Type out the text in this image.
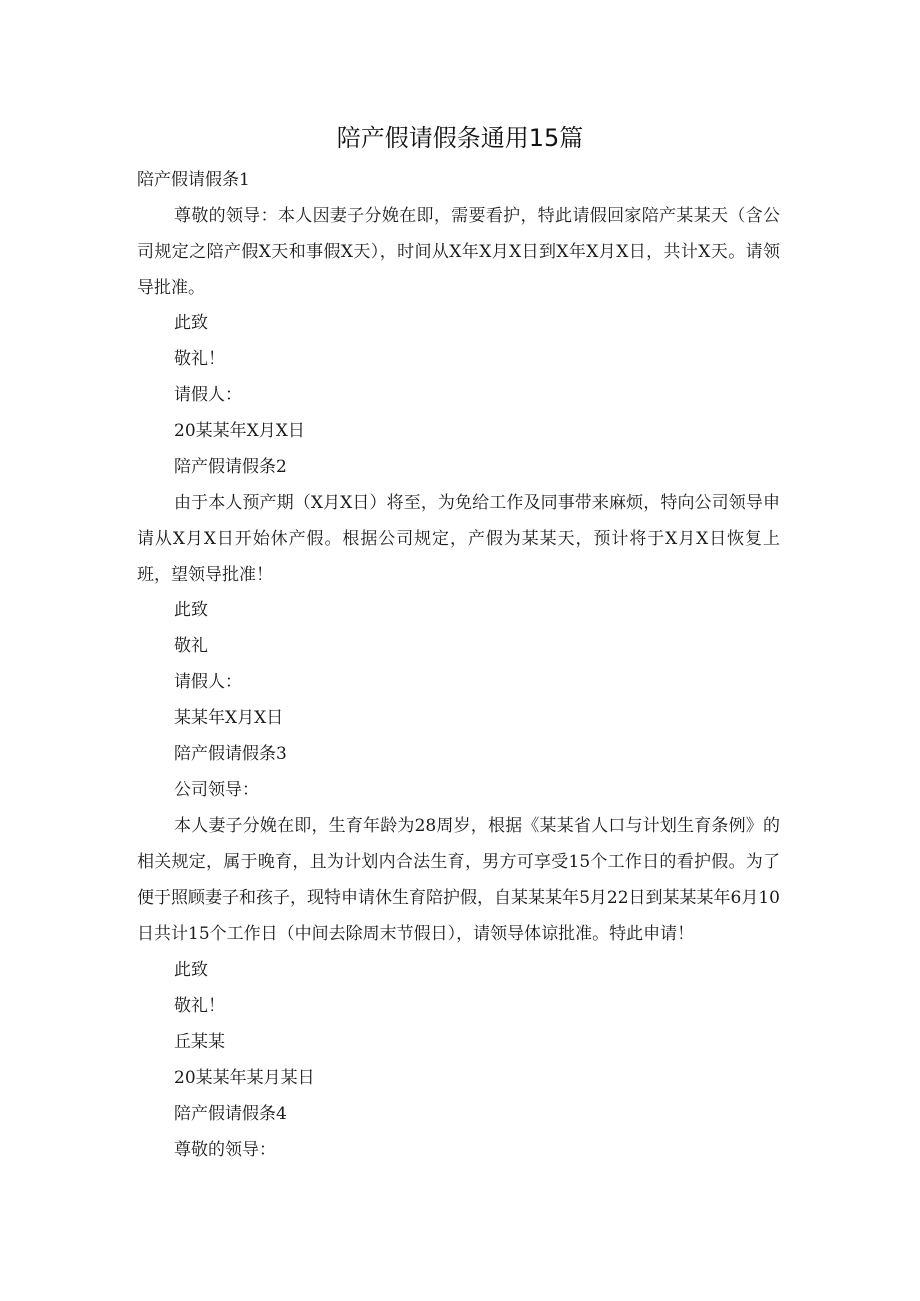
陪产假请假条通用15篇
陪产假请假条1
尊敬的领导：本人因妻子分娩在即，需要看护，特此请假回家陪产某某天（含公司规定之陪产假X天和事假X天），时间从X年X月X日到X年X月X日，共计X天。请领导批准。
此致
敬礼！
请假人：
20某某年X月X日
陪产假请假条2
由于本人预产期（X月X日）将至，为免给工作及同事带来麻烦，特向公司领导申请从X月X日开始休产假。根据公司规定，产假为某某天，预计将于X月X日恢复上班，望领导批准！
此致
敬礼
请假人：
某某年X月X日
陪产假请假条3
公司领导：
本人妻子分娩在即，生育年龄为28周岁，根据《某某省人口与计划生育条例》的相关规定，属于晚育，且为计划内合法生育，男方可享受15个工作日的看护假。为了便于照顾妻子和孩子，现特申请休生育陪护假，自某某某年5月22日到某某某年6月10日共计15个工作日（中间去除周末节假日），请领导体谅批准。特此申请！
此致
敬礼！
丘某某
20某某年某月某日
陪产假请假条4
尊敬的领导：
